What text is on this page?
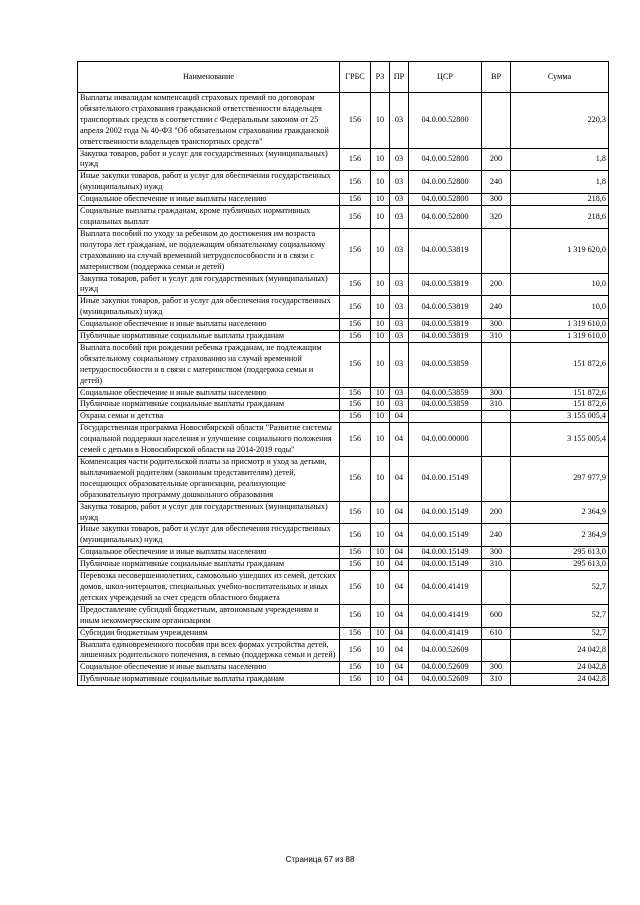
Наименование	ГРБС	РЗ	ПР	ЦСР	ВР	Сумма
Выплаты инвалидам компенсаций страховых премий по договорам обязательного страхования гражданской ответственности владельцев транспортных средств в соответствии с Федеральным законом от 25 апреля 2002 года № 40-ФЗ "Об обязательном страховании гражданской ответственности владельцев транспортных средств"	156	10	03	04.0.00.52800		220,3
Закупка товаров, работ и услуг для государственных (муниципальных) нужд	156	10	03	04.0.00.52800	200	1,8
Иные закупки товаров, работ и услуг для обеспечения государственных (муниципальных) нужд	156	10	03	04.0.00.52800	240	1,8
Социальное обеспечение и иные выплаты населению	156	10	03	04.0.00.52800	300	218,6
Социальные выплаты гражданам, кроме публичных нормативных социальных выплат	156	10	03	04.0.00.52800	320	218,6
Выплата пособий по уходу за ребенком до достижения им возраста полутора лет гражданам, не подлежащим обязательному социальному страхованию на случай временной нетрудоспособности и в связи с материнством (поддержка семьи и детей)	156	10	03	04.0.00.53819		1 319 620,0
Закупка товаров, работ и услуг для государственных (муниципальных) нужд	156	10	03	04.0.00.53819	200	10,0
Иные закупки товаров, работ и услуг для обеспечения государственных (муниципальных) нужд	156	10	03	04.0.00.53819	240	10,0
Социальное обеспечение и иные выплаты населению	156	10	03	04.0.00.53819	300	1 319 610,0
Публичные нормативные социальные выплаты гражданам	156	10	03	04.0.00.53819	310	1 319 610,0
Выплата пособий при рождении ребенка гражданам, не подлежащим обязательному социальному страхованию на случай временной нетрудоспособности и в связи с материнством (поддержка семьи и детей)	156	10	03	04.0.00.53859		151 872,6
Социальное обеспечение и иные выплаты населению	156	10	03	04.0.00.53859	300	151 872,6
Публичные нормативные социальные выплаты гражданам	156	10	03	04.0.00.53859	310	151 872,6
Охрана семьи и детства	156	10	04			3 155 005,4
Государственная программа Новосибирской области "Развитие системы социальной поддержки населения и улучшение социального положения семей с детьми в Новосибирской области на 2014-2019 годы"	156	10	04	04.0.00.00000		3 155 005,4
Компенсация части родительской платы за присмотр и уход за детьми, выплачиваемой родителям (законным представителям) детей, посещающих образовательные организации, реализующие образовательную программу дошкольного образования	156	10	04	04.0.00.15149		297 977,9
Закупка товаров, работ и услуг для государственных (муниципальных) нужд	156	10	04	04.0.00.15149	200	2 364,9
Иные закупки товаров, работ и услуг для обеспечения государственных (муниципальных) нужд	156	10	04	04.0.00.15149	240	2 364,9
Социальное обеспечение и иные выплаты населению	156	10	04	04.0.00.15149	300	295 613,0
Публичные нормативные социальные выплаты гражданам	156	10	04	04.0.00.15149	310	295 613,0
Перевозка несовершеннолетних, самовольно ушедших из семей, детских домов, школ-интернатов, специальных учебно-воспитательных и иных детских учреждений за счет средств областного бюджета	156	10	04	04.0.00.41419		52,7
Предоставление субсидий бюджетным, автономным учреждениям и иным некоммерческим организациям	156	10	04	04.0.00.41419	600	52,7
Субсидии бюджетным учреждениям	156	10	04	04.0.00.41419	610	52,7
Выплата единовременного пособия при всех формах устройства детей, лишенных родительского попечения, в семью (поддержка семьи и детей)	156	10	04	04.0.00.52609		24 042,8
Социальное обеспечение и иные выплаты населению	156	10	04	04.0.00.52609	300	24 042,8
Публичные нормативные социальные выплаты гражданам	156	10	04	04.0.00.52609	310	24 042,8
Страница 67 из 88
